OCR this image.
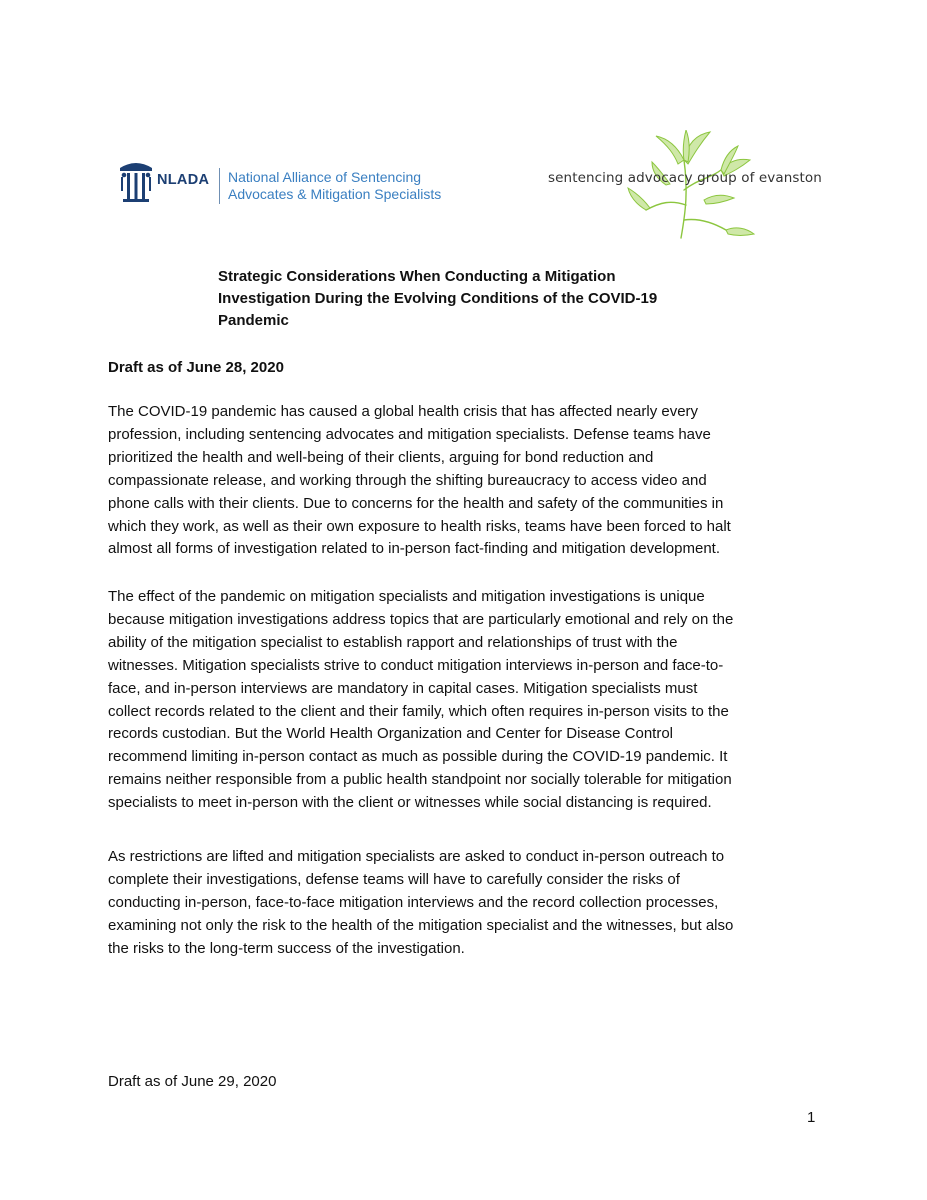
NLADA National Alliance of Sentencing
Advocates & Mitigation Specialists
sentencing advocacy group of evanston
Strategic Considerations When Conducting a Mitigation
Investigation During the Evolving Conditions of the COVID-19
Pandemic
Draft as of June 28, 2020
The COVID-19 pandemic has caused a global health crisis that has affected nearly every
profession, including sentencing advocates and mitigation specialists. Defense teams have
prioritized the health and well-being of their clients, arguing for bond reduction and
compassionate release, and working through the shifting bureaucracy to access video and
phone calls with their clients. Due to concerns for the health and safety of the communities in
which they work, as well as their own exposure to health risks, teams have been forced to halt
almost all forms of investigation related to in-person fact-finding and mitigation development.
The effect of the pandemic on mitigation specialists and mitigation investigations is unique
because mitigation investigations address topics that are particularly emotional and rely on the
ability of the mitigation specialist to establish rapport and relationships of trust with the
witnesses. Mitigation specialists strive to conduct mitigation interviews in-person and face-to-
face, and in-person interviews are mandatory in capital cases. Mitigation specialists must
collect records related to the client and their family, which often requires in-person visits to the
records custodian. But the World Health Organization and Center for Disease Control
recommend limiting in-person contact as much as possible during the COVID-19 pandemic. It
remains neither responsible from a public health standpoint nor socially tolerable for mitigation
specialists to meet in-person with the client or witnesses while social distancing is required.
As restrictions are lifted and mitigation specialists are asked to conduct in-person outreach to
complete their investigations, defense teams will have to carefully consider the risks of
conducting in-person, face-to-face mitigation interviews and the record collection processes,
examining not only the risk to the health of the mitigation specialist and the witnesses, but also
the risks to the long-term success of the investigation.
Draft as of June 29, 2020
1
